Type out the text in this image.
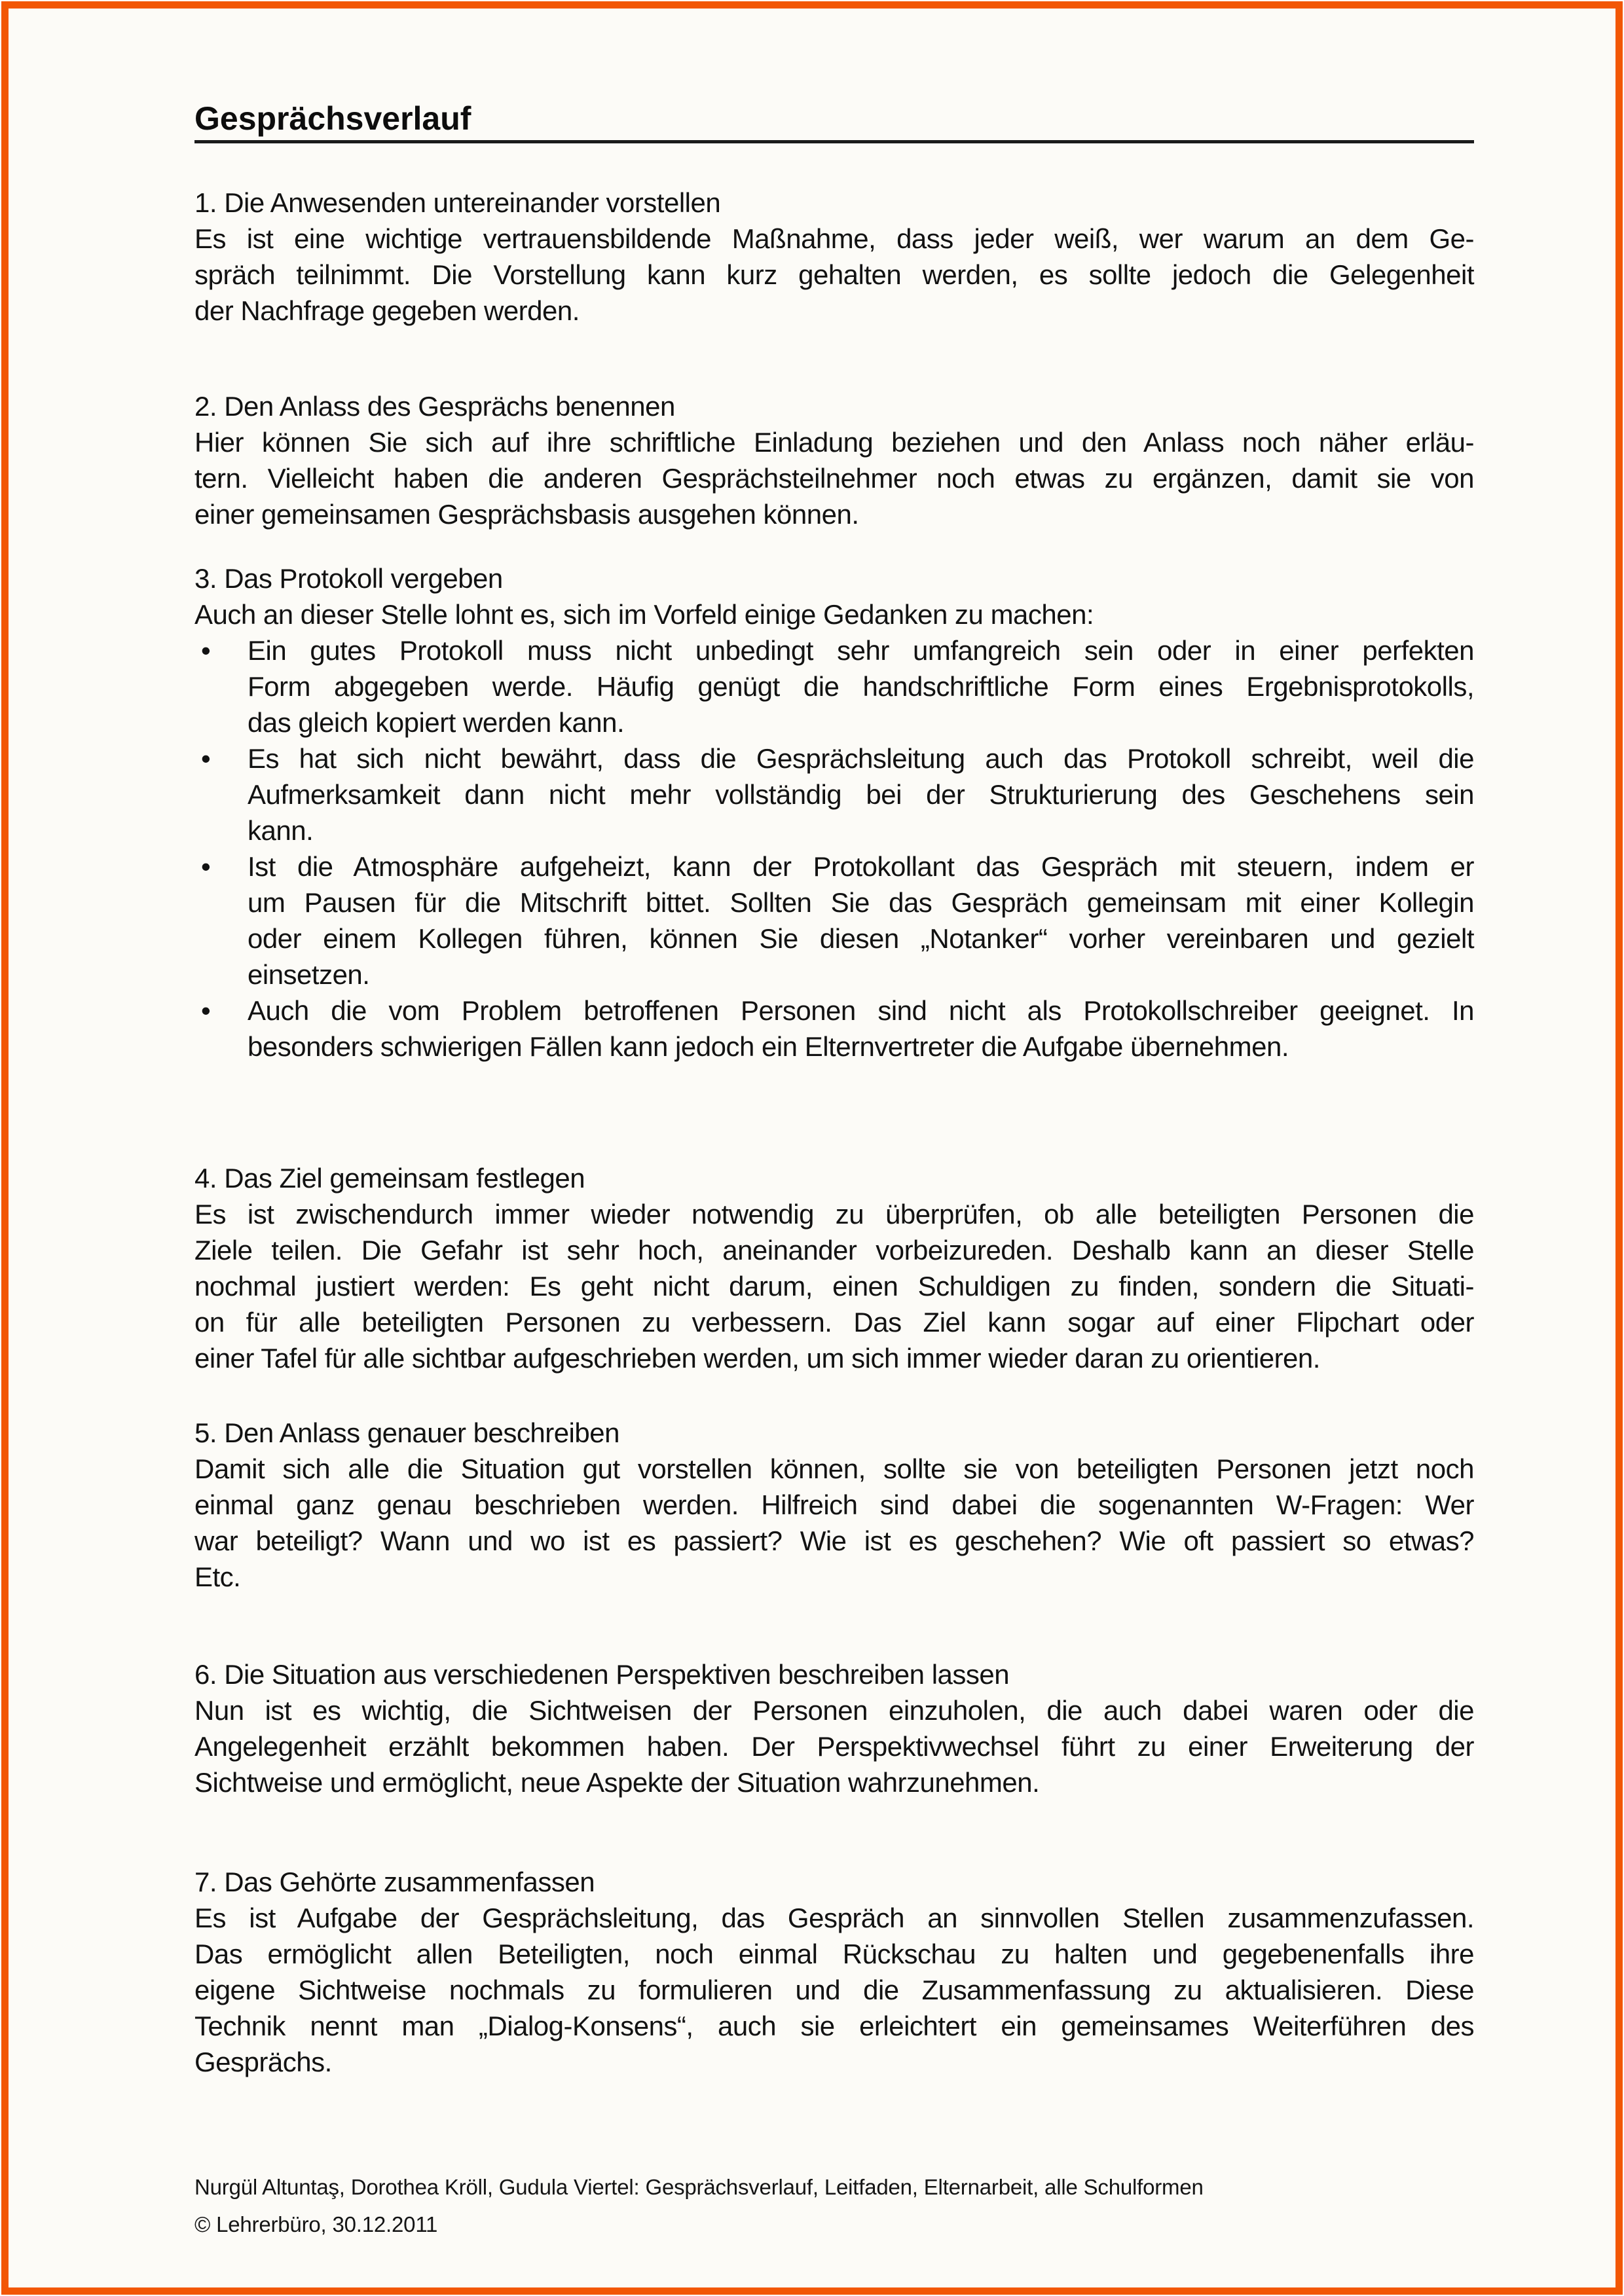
Gesprächsverlauf
1. Die Anwesenden untereinander vorstellen
Es ist eine wichtige vertrauensbildende Maßnahme, dass jeder weiß, wer warum an dem Ge-
spräch teilnimmt. Die Vorstellung kann kurz gehalten werden, es sollte jedoch die Gelegenheit
der Nachfrage gegeben werden.
2. Den Anlass des Gesprächs benennen
Hier können Sie sich auf ihre schriftliche Einladung beziehen und den Anlass noch näher erläu-
tern. Vielleicht haben die anderen Gesprächsteilnehmer noch etwas zu ergänzen, damit sie von
einer gemeinsamen Gesprächsbasis ausgehen können.
3. Das Protokoll vergeben
Auch an dieser Stelle lohnt es, sich im Vorfeld einige Gedanken zu machen:
• Ein gutes Protokoll muss nicht unbedingt sehr umfangreich sein oder in einer perfekten
Form abgegeben werde. Häufig genügt die handschriftliche Form eines Ergebnisprotokolls,
das gleich kopiert werden kann.
• Es hat sich nicht bewährt, dass die Gesprächsleitung auch das Protokoll schreibt, weil die
Aufmerksamkeit dann nicht mehr vollständig bei der Strukturierung des Geschehens sein
kann.
• Ist die Atmosphäre aufgeheizt, kann der Protokollant das Gespräch mit steuern, indem er
um Pausen für die Mitschrift bittet. Sollten Sie das Gespräch gemeinsam mit einer Kollegin
oder einem Kollegen führen, können Sie diesen „Notanker“ vorher vereinbaren und gezielt
einsetzen.
• Auch die vom Problem betroffenen Personen sind nicht als Protokollschreiber geeignet. In
besonders schwierigen Fällen kann jedoch ein Elternvertreter die Aufgabe übernehmen.
4. Das Ziel gemeinsam festlegen
Es ist zwischendurch immer wieder notwendig zu überprüfen, ob alle beteiligten Personen die
Ziele teilen. Die Gefahr ist sehr hoch, aneinander vorbeizureden. Deshalb kann an dieser Stelle
nochmal justiert werden: Es geht nicht darum, einen Schuldigen zu finden, sondern die Situati-
on für alle beteiligten Personen zu verbessern. Das Ziel kann sogar auf einer Flipchart oder
einer Tafel für alle sichtbar aufgeschrieben werden, um sich immer wieder daran zu orientieren.
5. Den Anlass genauer beschreiben
Damit sich alle die Situation gut vorstellen können, sollte sie von beteiligten Personen jetzt noch
einmal ganz genau beschrieben werden. Hilfreich sind dabei die sogenannten W-Fragen: Wer
war beteiligt? Wann und wo ist es passiert? Wie ist es geschehen? Wie oft passiert so etwas?
Etc.
6. Die Situation aus verschiedenen Perspektiven beschreiben lassen
Nun ist es wichtig, die Sichtweisen der Personen einzuholen, die auch dabei waren oder die
Angelegenheit erzählt bekommen haben. Der Perspektivwechsel führt zu einer Erweiterung der
Sichtweise und ermöglicht, neue Aspekte der Situation wahrzunehmen.
7. Das Gehörte zusammenfassen
Es ist Aufgabe der Gesprächsleitung, das Gespräch an sinnvollen Stellen zusammenzufassen.
Das ermöglicht allen Beteiligten, noch einmal Rückschau zu halten und gegebenenfalls ihre
eigene Sichtweise nochmals zu formulieren und die Zusammenfassung zu aktualisieren. Diese
Technik nennt man „Dialog-Konsens“, auch sie erleichtert ein gemeinsames Weiterführen des
Gesprächs.
Nurgül Altuntaş, Dorothea Kröll, Gudula Viertel: Gesprächsverlauf, Leitfaden, Elternarbeit, alle Schulformen
© Lehrerbüro, 30.12.2011
